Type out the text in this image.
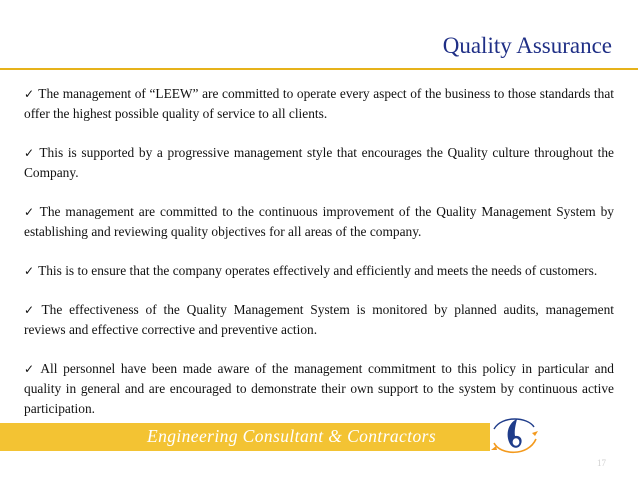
Quality Assurance
✓ The management of “LEEW” are committed to operate every aspect of the business to those standards that offer the highest possible quality of service to all clients.
✓ This is supported by a progressive management style that encourages the Quality culture throughout the Company.
✓ The management are committed to the continuous improvement of the Quality Management System by establishing and reviewing quality objectives for all areas of the company.
✓ This is to ensure that the company operates effectively and efficiently and meets the needs of customers.
✓ The effectiveness of the Quality Management System is monitored by planned audits, management reviews and effective corrective and preventive action.
✓ All personnel have been made aware of the management commitment to this policy in particular and quality in general and are encouraged to demonstrate their own support to the system by continuous active participation.
Engineering Consultant & Contractors
17
